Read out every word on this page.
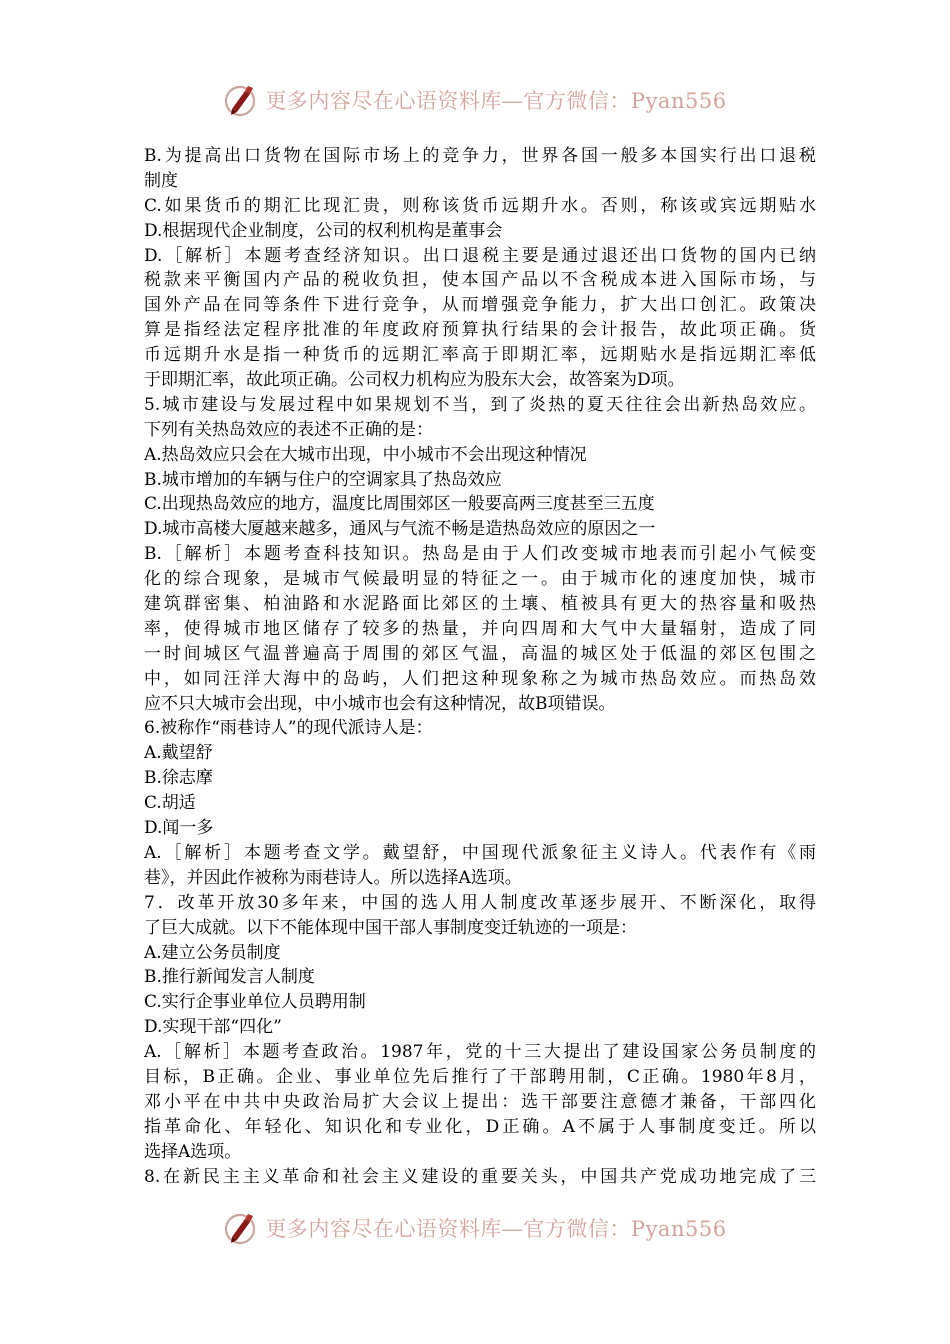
更多内容尽在心语资料库—官方微信：Pyan556
B.为提高出口货物在国际市场上的竞争力，世界各国一般多本国实行出口退税
制度
C.如果货币的期汇比现汇贵，则称该货币远期升水。否则，称该或宾远期贴水
D.根据现代企业制度，公司的权利机构是董事会
D.［解析］本题考查经济知识。出口退税主要是通过退还出口货物的国内已纳
税款来平衡国内产品的税收负担，使本国产品以不含税成本进入国际市场，与
国外产品在同等条件下进行竞争，从而增强竞争能力，扩大出口创汇。政策决
算是指经法定程序批准的年度政府预算执行结果的会计报告，故此项正确。货
币远期升水是指一种货币的远期汇率高于即期汇率，远期贴水是指远期汇率低
于即期汇率，故此项正确。公司权力机构应为股东大会，故答案为D项。
5.城市建设与发展过程中如果规划不当，到了炎热的夏天往往会出新热岛效应。
下列有关热岛效应的表述不正确的是：
A.热岛效应只会在大城市出现，中小城市不会出现这种情况
B.城市增加的车辆与住户的空调家具了热岛效应
C.出现热岛效应的地方，温度比周围郊区一般要高两三度甚至三五度
D.城市高楼大厦越来越多，通风与气流不畅是造热岛效应的原因之一
B.［解析］本题考查科技知识。热岛是由于人们改变城市地表而引起小气候变
化的综合现象，是城市气候最明显的特征之一。由于城市化的速度加快，城市
建筑群密集、柏油路和水泥路面比郊区的土壤、植被具有更大的热容量和吸热
率，使得城市地区储存了较多的热量，并向四周和大气中大量辐射，造成了同
一时间城区气温普遍高于周围的郊区气温，高温的城区处于低温的郊区包围之
中，如同汪洋大海中的岛屿，人们把这种现象称之为城市热岛效应。而热岛效
应不只大城市会出现，中小城市也会有这种情况，故B项错误。
6.被称作“雨巷诗人”的现代派诗人是：
A.戴望舒
B.徐志摩
C.胡适
D.闻一多
A.［解析］本题考查文学。戴望舒，中国现代派象征主义诗人。代表作有《雨
巷》，并因此作被称为雨巷诗人。所以选择A选项。
7．改革开放30多年来，中国的选人用人制度改革逐步展开、不断深化，取得
了巨大成就。以下不能体现中国干部人事制度变迁轨迹的一项是：
A.建立公务员制度
B.推行新闻发言人制度
C.实行企事业单位人员聘用制
D.实现干部“四化”
A.［解析］本题考查政治。1987年，党的十三大提出了建设国家公务员制度的
目标，B正确。企业、事业单位先后推行了干部聘用制，C正确。1980年8月，
邓小平在中共中央政治局扩大会议上提出：选干部要注意德才兼备，干部四化
指革命化、年轻化、知识化和专业化，D正确。A不属于人事制度变迁。所以
选择A选项。
8.在新民主主义革命和社会主义建设的重要关头，中国共产党成功地完成了三
更多内容尽在心语资料库—官方微信：Pyan556
